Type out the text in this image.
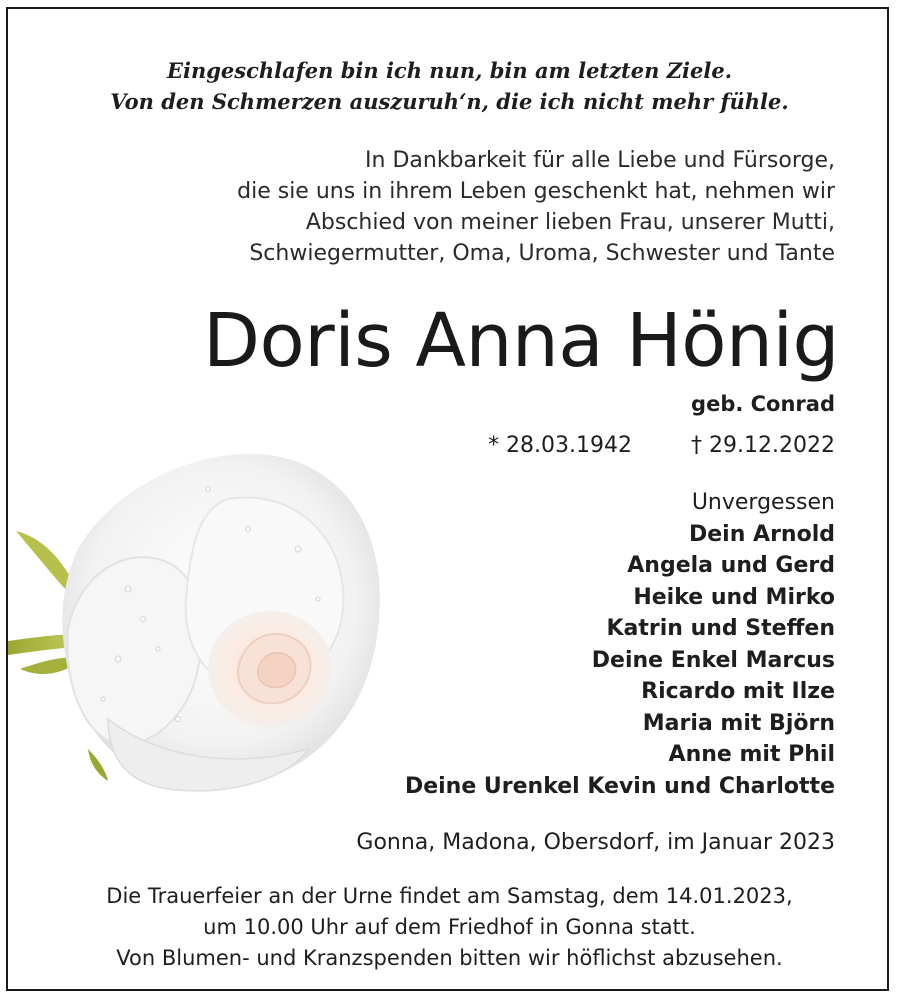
Eingeschlafen bin ich nun, bin am letzten Ziele.
Von den Schmerzen auszuruh‘n, die ich nicht mehr fühle.
In Dankbarkeit für alle Liebe und Fürsorge,
die sie uns in ihrem Leben geschenkt hat, nehmen wir
Abschied von meiner lieben Frau, unserer Mutti,
Schwiegermutter, Oma, Uroma, Schwester und Tante
Doris Anna Hönig
geb. Conrad
* 28.03.1942	† 29.12.2022
Unvergessen
Dein Arnold
Angela und Gerd
Heike und Mirko
Katrin und Steffen
Deine Enkel Marcus
Ricardo mit Ilze
Maria mit Björn
Anne mit Phil
Deine Urenkel Kevin und Charlotte
Gonna, Madona, Obersdorf, im Januar 2023
Die Trauerfeier an der Urne findet am Samstag, dem 14.01.2023,
um 10.00 Uhr auf dem Friedhof in Gonna statt.
Von Blumen- und Kranzspenden bitten wir höflichst abzusehen.
